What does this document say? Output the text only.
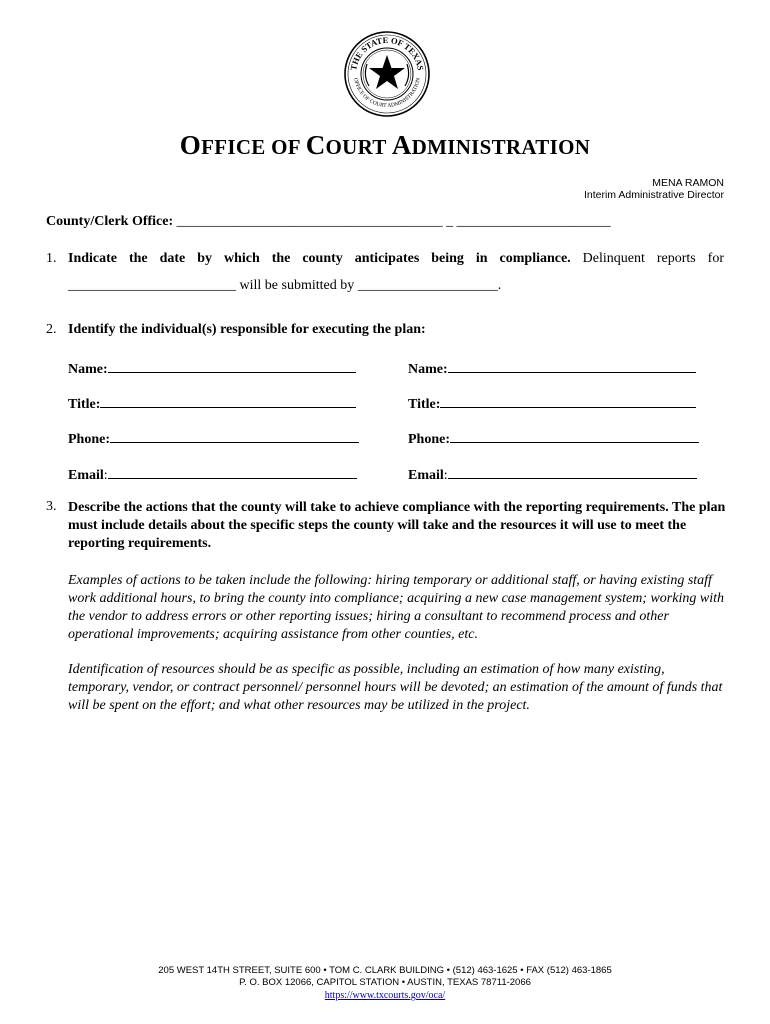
THE STATE OF TEXAS
OFFICE OF COURT ADMINISTRATION
OFFICE OF COURT ADMINISTRATION
MENA RAMON
Interim Administrative Director
County/Clerk Office: ______________________________________ _ ______________________
1. Indicate the date by which the county anticipates being in compliance. Delinquent reports for
________________________ will be submitted by ____________________.
2. Identify the individual(s) responsible for executing the plan:
Name:
Title:
Phone:
Email:
Name:
Title:
Phone:
Email:
3. Describe the actions that the county will take to achieve compliance with the reporting requirements. The plan must include details about the specific steps the county will take and the resources it will use to meet the reporting requirements.
Examples of actions to be taken include the following: hiring temporary or additional staff, or having existing staff work additional hours, to bring the county into compliance; acquiring a new case management system; working with the vendor to address errors or other reporting issues; hiring a consultant to recommend process and other operational improvements; acquiring assistance from other counties, etc.
Identification of resources should be as specific as possible, including an estimation of how many existing, temporary, vendor, or contract personnel/ personnel hours will be devoted; an estimation of the amount of funds that will be spent on the effort; and what other resources may be utilized in the project.
205 WEST 14TH STREET, SUITE 600 • TOM C. CLARK BUILDING • (512) 463-1625 • FAX (512) 463-1865
P. O. BOX 12066, CAPITOL STATION • AUSTIN, TEXAS 78711-2066
https://www.txcourts.gov/oca/
